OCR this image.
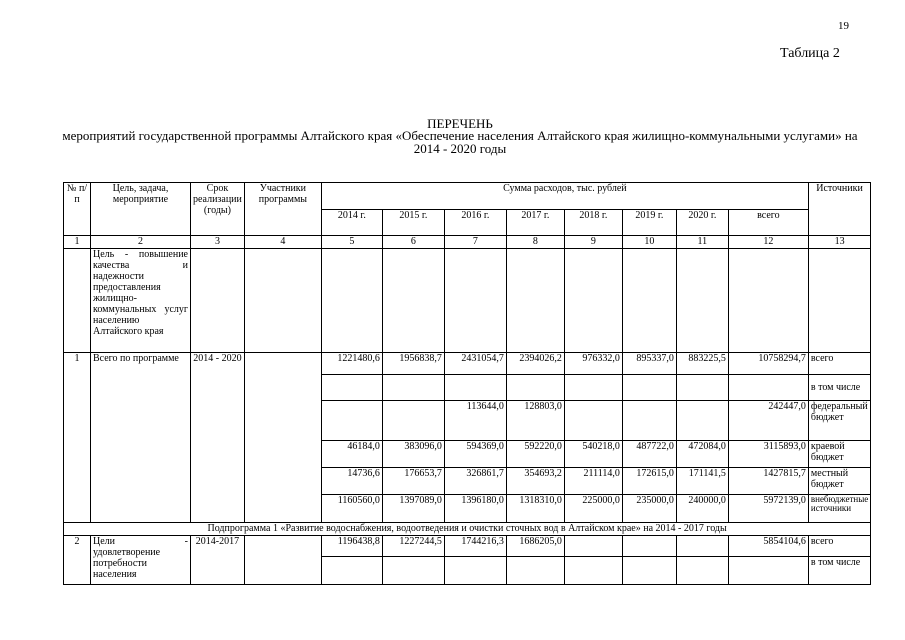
19
Таблица 2
ПЕРЕЧЕНЬ
мероприятий государственной программы Алтайского края «Обеспечение населения Алтайского края жилищно-коммунальными услугами» на 2014 - 2020 годы
№ п/п	Цель, задача, мероприятие	Срок реализации (годы)	Участники программы	Сумма расходов, тыс. рублей								Источники
				2014 г.	2015 г.	2016 г.	2017 г.	2018 г.	2019 г.	2020 г.	всего	
1	2	3	4	5	6	7	8	9	10	11	12	13
	Цель - повышение качества и надежности предоставления жилищно-коммунальных услуг населению Алтайского края											
1	Всего по программе	2014 - 2020		1221480,6	1956838,7	2431054,7	2394026,2	976332,0	895337,0	883225,5	10758294,7	всего
												в том числе
						113644,0	128803,0				242447,0	федеральный бюджет
				46184,0	383096,0	594369,0	592220,0	540218,0	487722,0	472084,0	3115893,0	краевой бюджет
				14736,6	176653,7	326861,7	354693,2	211114,0	172615,0	171141,5	1427815,7	местный бюджет
				1160560,0	1397089,0	1396180,0	1318310,0	225000,0	235000,0	240000,0	5972139,0	внебюджетные источники
Подпрограмма 1 «Развитие водоснабжения, водоотведения и очистки сточных вод в Алтайском крае» на 2014 - 2017 годы												
2	Цели - удовлетворение потребности населения	2014-2017		1196438,8	1227244,5	1744216,3	1686205,0				5854104,6	всего
												в том числе
